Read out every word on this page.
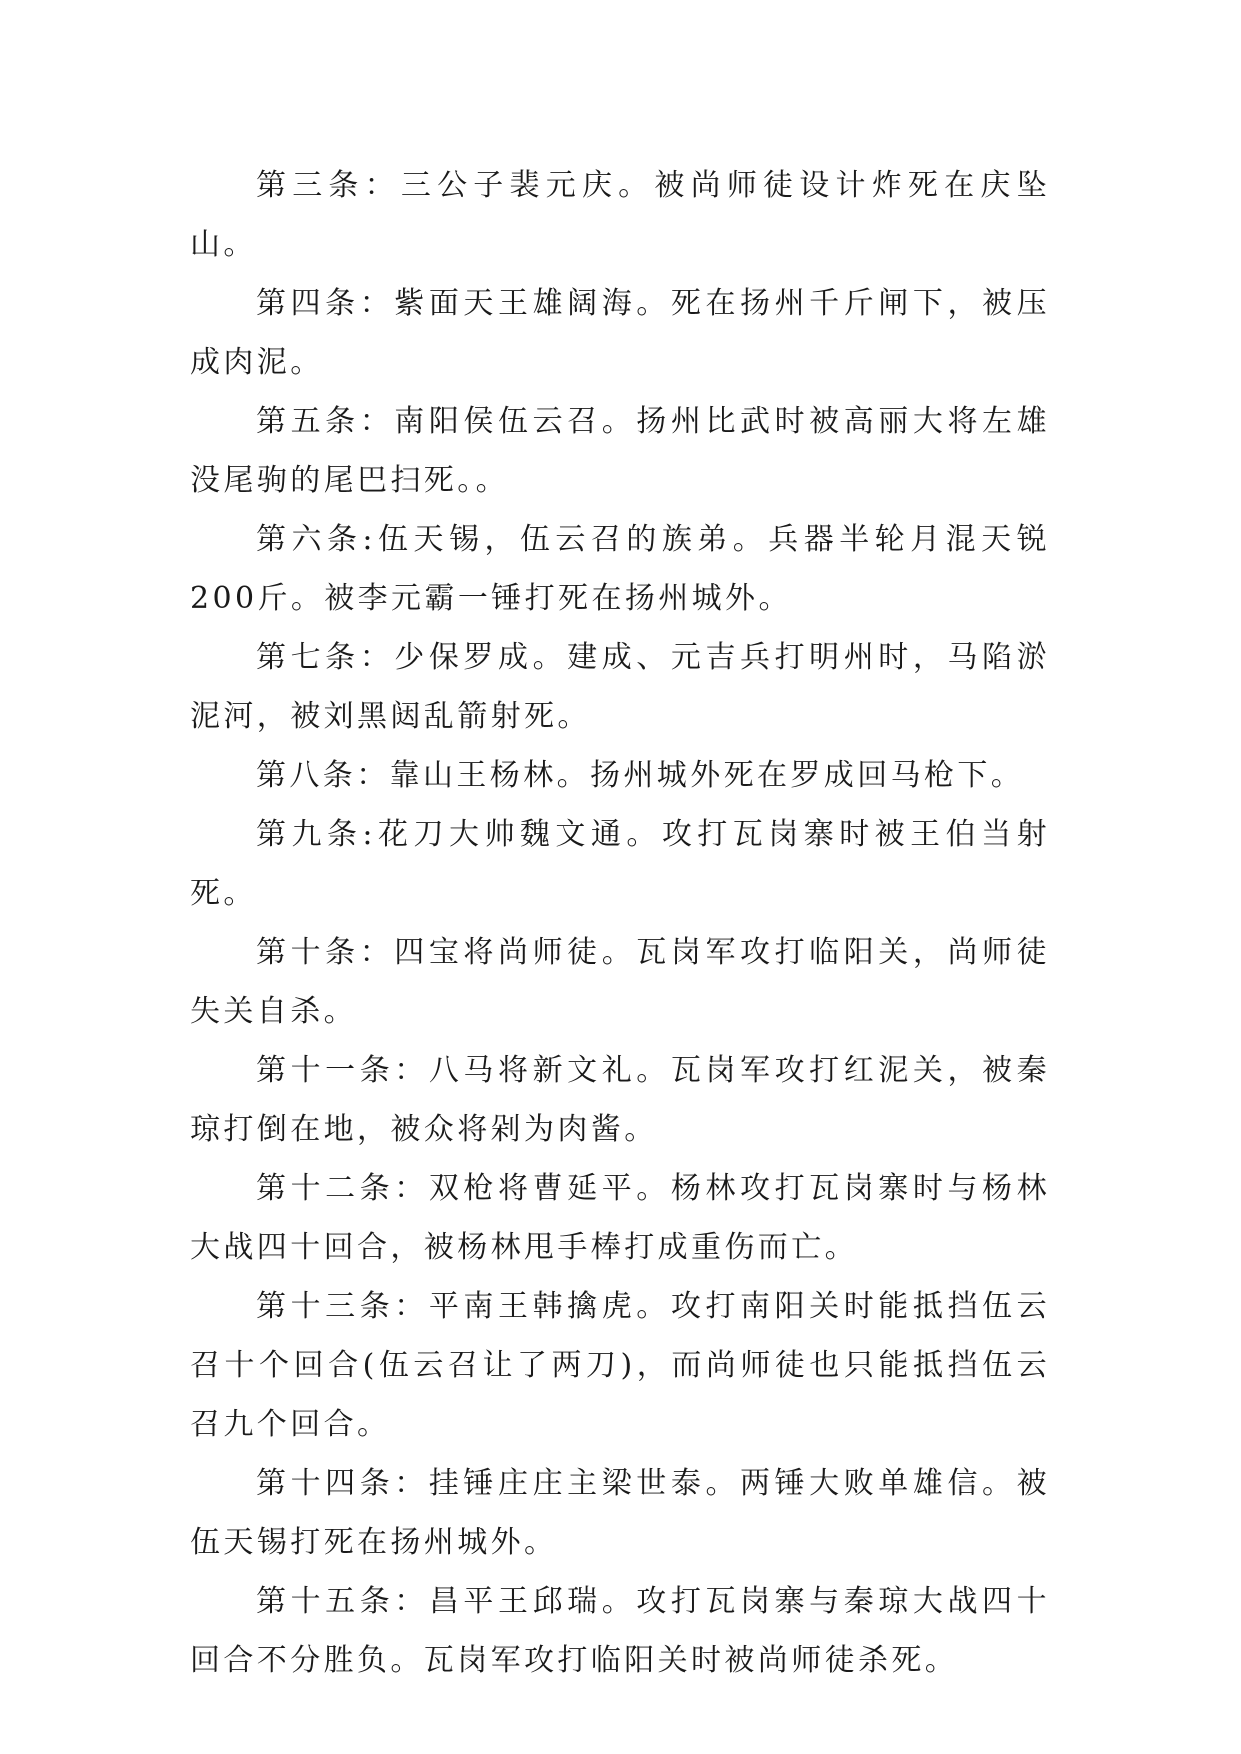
第三条：三公子裴元庆。被尚师徒设计炸死在庆坠山。

第四条：紫面天王雄阔海。死在扬州千斤闸下，被压成肉泥。

第五条：南阳侯伍云召。扬州比武时被高丽大将左雄没尾驹的尾巴扫死。。

第六条:伍天锡，伍云召的族弟。兵器半轮月混天锐200斤。被李元霸一锤打死在扬州城外。

第七条：少保罗成。建成、元吉兵打明州时，马陷淤泥河，被刘黑闼乱箭射死。

第八条：靠山王杨林。扬州城外死在罗成回马枪下。

第九条:花刀大帅魏文通。攻打瓦岗寨时被王伯当射死。

第十条：四宝将尚师徒。瓦岗军攻打临阳关，尚师徒失关自杀。

第十一条：八马将新文礼。瓦岗军攻打红泥关，被秦琼打倒在地，被众将剁为肉酱。

第十二条：双枪将曹延平。杨林攻打瓦岗寨时与杨林大战四十回合，被杨林甩手棒打成重伤而亡。

第十三条：平南王韩擒虎。攻打南阳关时能抵挡伍云召十个回合(伍云召让了两刀)，而尚师徒也只能抵挡伍云召九个回合。

第十四条：挂锤庄庄主梁世泰。两锤大败单雄信。被伍天锡打死在扬州城外。

第十五条：昌平王邱瑞。攻打瓦岗寨与秦琼大战四十回合不分胜负。瓦岗军攻打临阳关时被尚师徒杀死。
